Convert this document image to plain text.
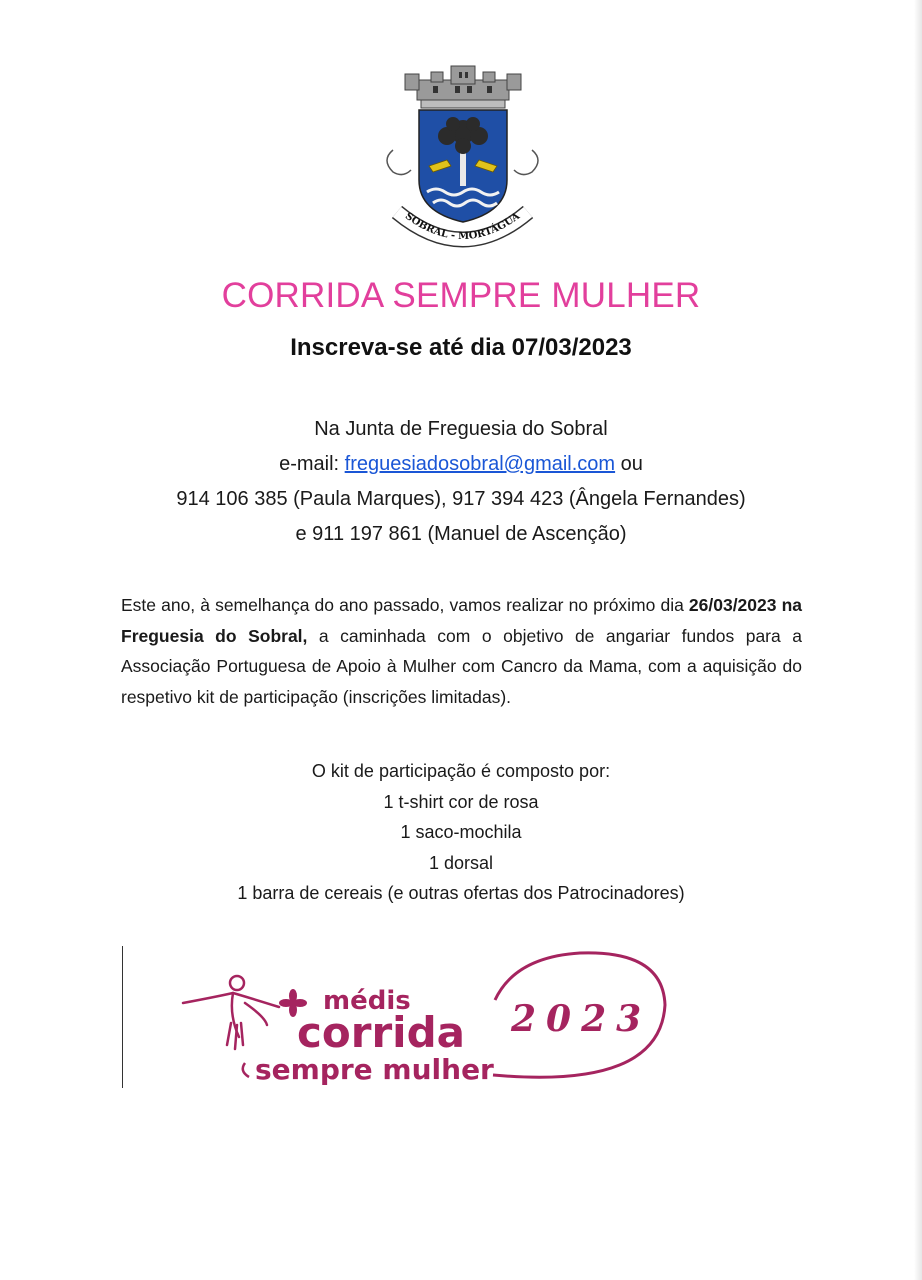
SOBRAL - MORTÁGUA
CORRIDA SEMPRE MULHER
Inscreva-se até dia 07/03/2023
Na Junta de Freguesia do Sobral
e-mail: freguesiadosobral@gmail.com ou
914 106 385 (Paula Marques), 917 394 423 (Ângela Fernandes)
e 911 197 861 (Manuel de Ascenção)
Este ano, à semelhança do ano passado, vamos realizar no próximo dia 26/03/2023 na Freguesia do Sobral, a caminhada com o objetivo de angariar fundos para a Associação Portuguesa de Apoio à Mulher com Cancro da Mama, com a aquisição do respetivo kit de participação (inscrições limitadas).
O kit de participação é composto por:
1 t-shirt cor de rosa
1 saco-mochila
1 dorsal
1 barra de cereais (e outras ofertas dos Patrocinadores)
médis
corrida
sempre mulher
2023
